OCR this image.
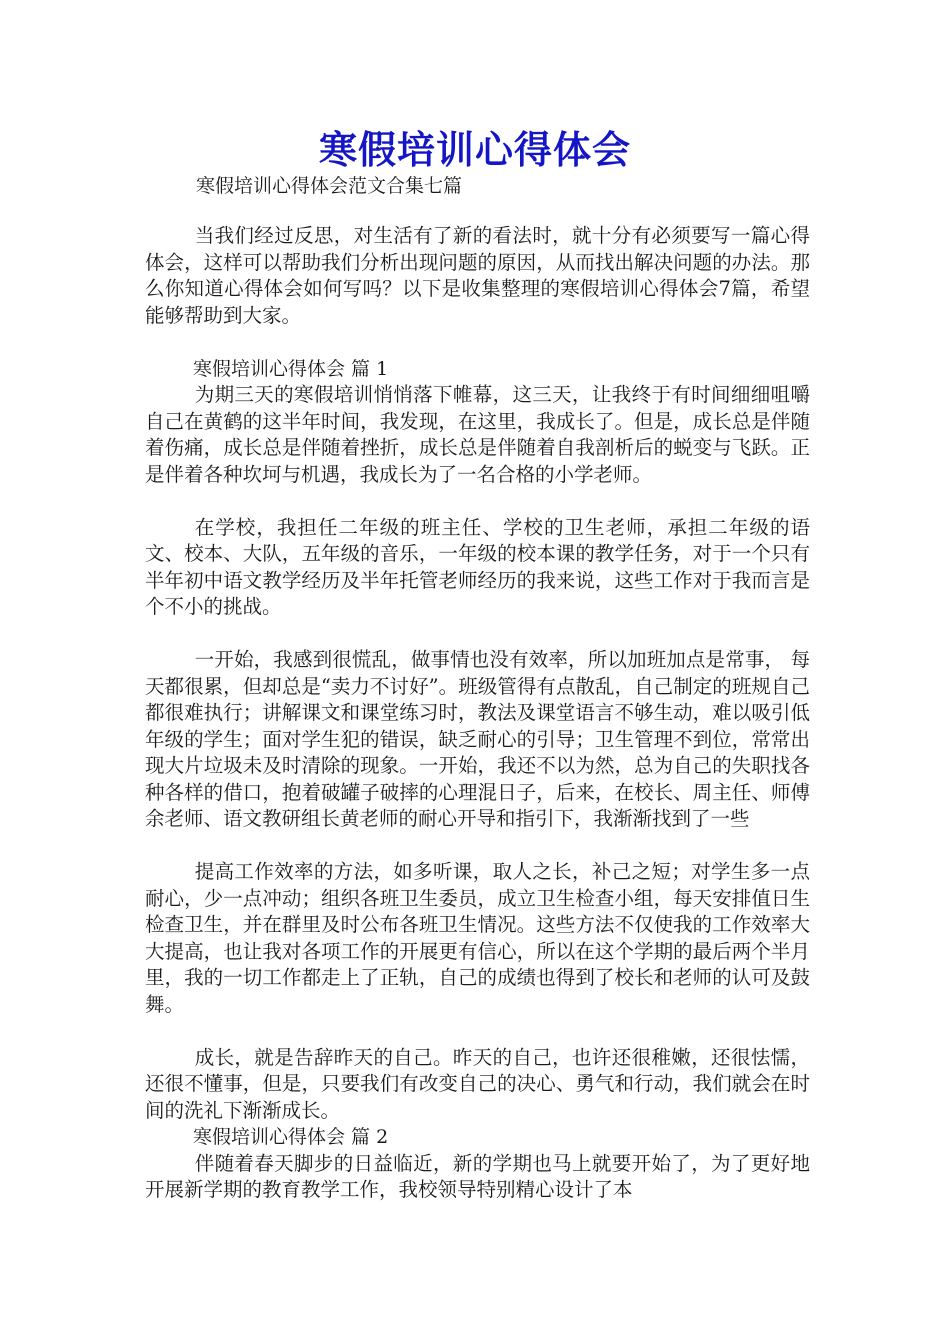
寒假培训心得体会
寒假培训心得体会范文合集七篇

当我们经过反思，对生活有了新的看法时，就十分有必须要写一篇心得体会，这样可以帮助我们分析出现问题的原因，从而找出解决问题的办法。那么你知道心得体会如何写吗？以下是收集整理的寒假培训心得体会7篇，希望能够帮助到大家。

寒假培训心得体会 篇 1

为期三天的寒假培训悄悄落下帷幕，这三天，让我终于有时间细细咀嚼自己在黄鹤的这半年时间，我发现，在这里，我成长了。但是，成长总是伴随着伤痛，成长总是伴随着挫折，成长总是伴随着自我剖析后的蜕变与飞跃。正是伴着各种坎坷与机遇，我成长为了一名合格的小学老师。

在学校，我担任二年级的班主任、学校的卫生老师，承担二年级的语文、校本、大队，五年级的音乐，一年级的校本课的教学任务，对于一个只有半年初中语文教学经历及半年托管老师经历的我来说，这些工作对于我而言是个不小的挑战。

一开始，我感到很慌乱，做事情也没有效率，所以加班加点是常事， 每天都很累，但却总是“卖力不讨好”。班级管得有点散乱，自己制定的班规自己都很难执行；讲解课文和课堂练习时，教法及课堂语言不够生动，难以吸引低年级的学生；面对学生犯的错误，缺乏耐心的引导；卫生管理不到位，常常出现大片垃圾未及时清除的现象。一开始，我还不以为然，总为自己的失职找各种各样的借口，抱着破罐子破摔的心理混日子，后来，在校长、周主任、师傅余老师、语文教研组长黄老师的耐心开导和指引下，我渐渐找到了一些

提高工作效率的方法，如多听课，取人之长，补己之短；对学生多一点耐心，少一点冲动；组织各班卫生委员，成立卫生检查小组，每天安排值日生检查卫生，并在群里及时公布各班卫生情况。这些方法不仅使我的工作效率大大提高，也让我对各项工作的开展更有信心，所以在这个学期的最后两个半月里，我的一切工作都走上了正轨，自己的成绩也得到了校长和老师的认可及鼓舞。

成长，就是告辞昨天的自己。昨天的自己，也许还很稚嫩，还很怯懦，还很不懂事，但是，只要我们有改变自己的决心、勇气和行动，我们就会在时间的洗礼下渐渐成长。

寒假培训心得体会 篇 2

伴随着春天脚步的日益临近，新的学期也马上就要开始了，为了更好地开展新学期的教育教学工作，我校领导特别精心设计了本
